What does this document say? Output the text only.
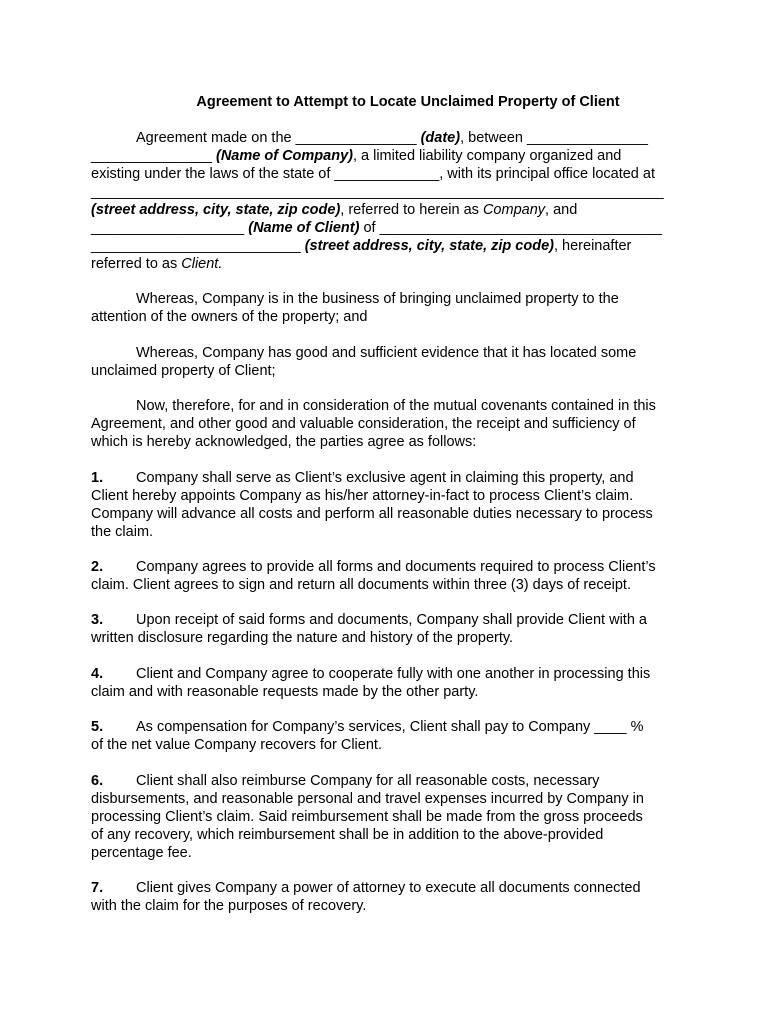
Agreement to Attempt to Locate Unclaimed Property of Client
Agreement made on the _______________ (date), between _______________
_______________ (Name of Company), a limited liability company organized and
existing under the laws of the state of _____________, with its principal office located at
_______________________________________________________________________
(street address, city, state, zip code), referred to herein as Company, and
___________________ (Name of Client) of ___________________________________
__________________________ (street address, city, state, zip code), hereinafter
referred to as Client.
Whereas, Company is in the business of bringing unclaimed property to the
attention of the owners of the property; and
Whereas, Company has good and sufficient evidence that it has located some
unclaimed property of Client;
Now, therefore, for and in consideration of the mutual covenants contained in this
Agreement, and other good and valuable consideration, the receipt and sufficiency of
which is hereby acknowledged, the parties agree as follows:
1. Company shall serve as Client’s exclusive agent in claiming this property, and
Client hereby appoints Company as his/her attorney-in-fact to process Client’s claim.
Company will advance all costs and perform all reasonable duties necessary to process
the claim.
2. Company agrees to provide all forms and documents required to process Client’s
claim. Client agrees to sign and return all documents within three (3) days of receipt.
3. Upon receipt of said forms and documents, Company shall provide Client with a
written disclosure regarding the nature and history of the property.
4. Client and Company agree to cooperate fully with one another in processing this
claim and with reasonable requests made by the other party.
5. As compensation for Company’s services, Client shall pay to Company ____ %
of the net value Company recovers for Client.
6. Client shall also reimburse Company for all reasonable costs, necessary
disbursements, and reasonable personal and travel expenses incurred by Company in
processing Client’s claim. Said reimbursement shall be made from the gross proceeds
of any recovery, which reimbursement shall be in addition to the above-provided
percentage fee.
7. Client gives Company a power of attorney to execute all documents connected
with the claim for the purposes of recovery.
